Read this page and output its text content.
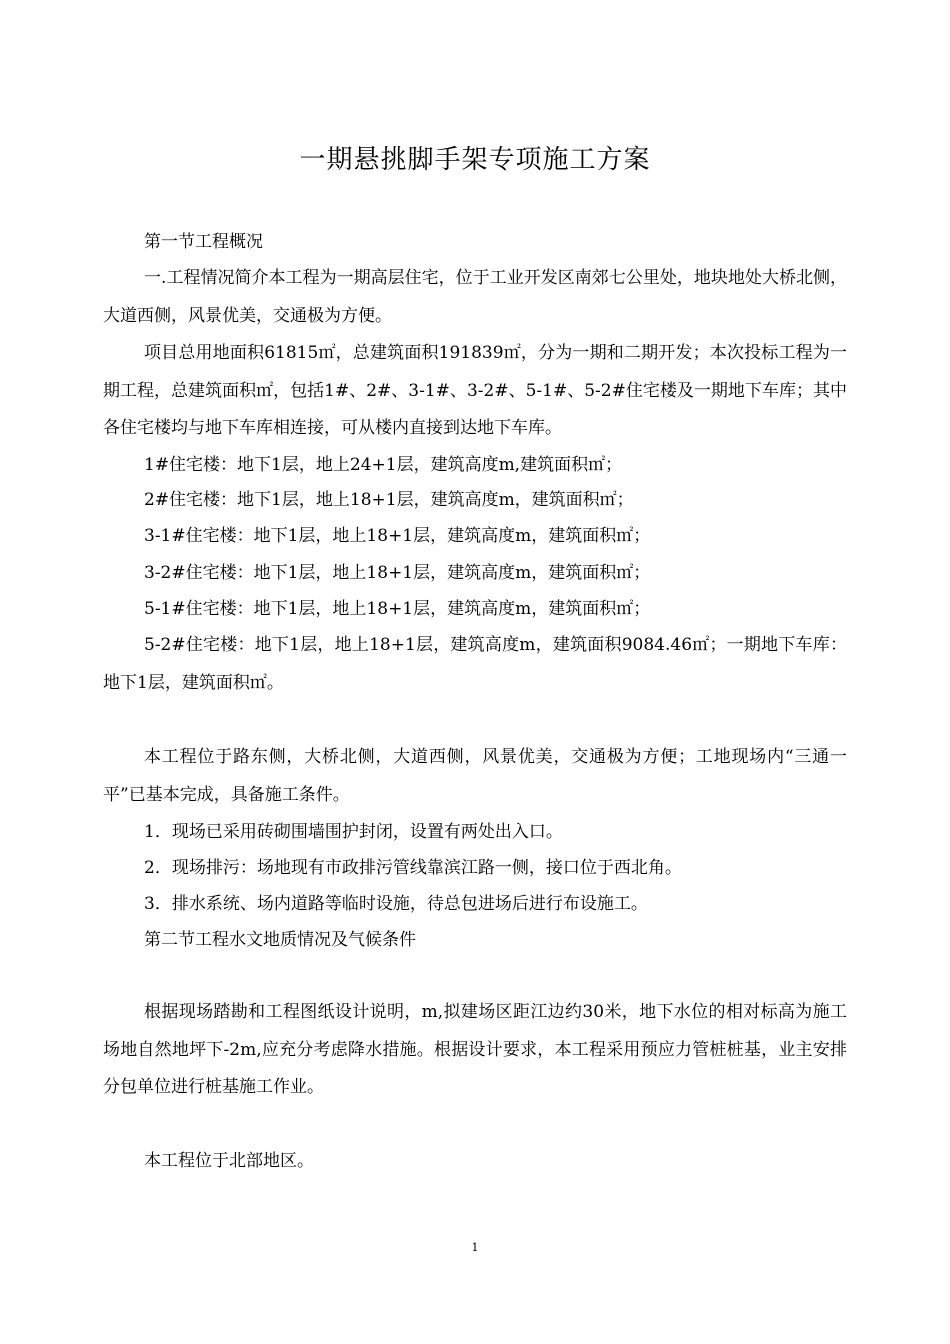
一期悬挑脚手架专项施工方案

第一节工程概况

一.工程情况简介本工程为一期高层住宅，位于工业开发区南郊七公里处，地块地处大桥北侧，大道西侧，风景优美，交通极为方便。

项目总用地面积61815㎡，总建筑面积191839㎡，分为一期和二期开发；本次投标工程为一期工程，总建筑面积㎡，包括1#、2#、3-1#、3-2#、5-1#、5-2#住宅楼及一期地下车库；其中各住宅楼均与地下车库相连接，可从楼内直接到达地下车库。

1#住宅楼：地下1层，地上24+1层，建筑高度m,建筑面积㎡；

2#住宅楼：地下1层，地上18+1层，建筑高度m，建筑面积㎡；

3-1#住宅楼：地下1层，地上18+1层，建筑高度m，建筑面积㎡；

3-2#住宅楼：地下1层，地上18+1层，建筑高度m，建筑面积㎡；

5-1#住宅楼：地下1层，地上18+1层，建筑高度m，建筑面积㎡；

5-2#住宅楼：地下1层，地上18+1层，建筑高度m，建筑面积9084.46㎡；一期地下车库：地下1层，建筑面积㎡。

本工程位于路东侧，大桥北侧，大道西侧，风景优美，交通极为方便；工地现场内“三通一平”已基本完成，具备施工条件。

1．现场已采用砖砌围墙围护封闭，设置有两处出入口。

2．现场排污：场地现有市政排污管线靠滨江路一侧，接口位于西北角。

3．排水系统、场内道路等临时设施，待总包进场后进行布设施工。

第二节工程水文地质情况及气候条件

根据现场踏勘和工程图纸设计说明，m,拟建场区距江边约30米，地下水位的相对标高为施工场地自然地坪下-2m,应充分考虑降水措施。根据设计要求，本工程采用预应力管桩桩基，业主安排分包单位进行桩基施工作业。

本工程位于北部地区。

1
